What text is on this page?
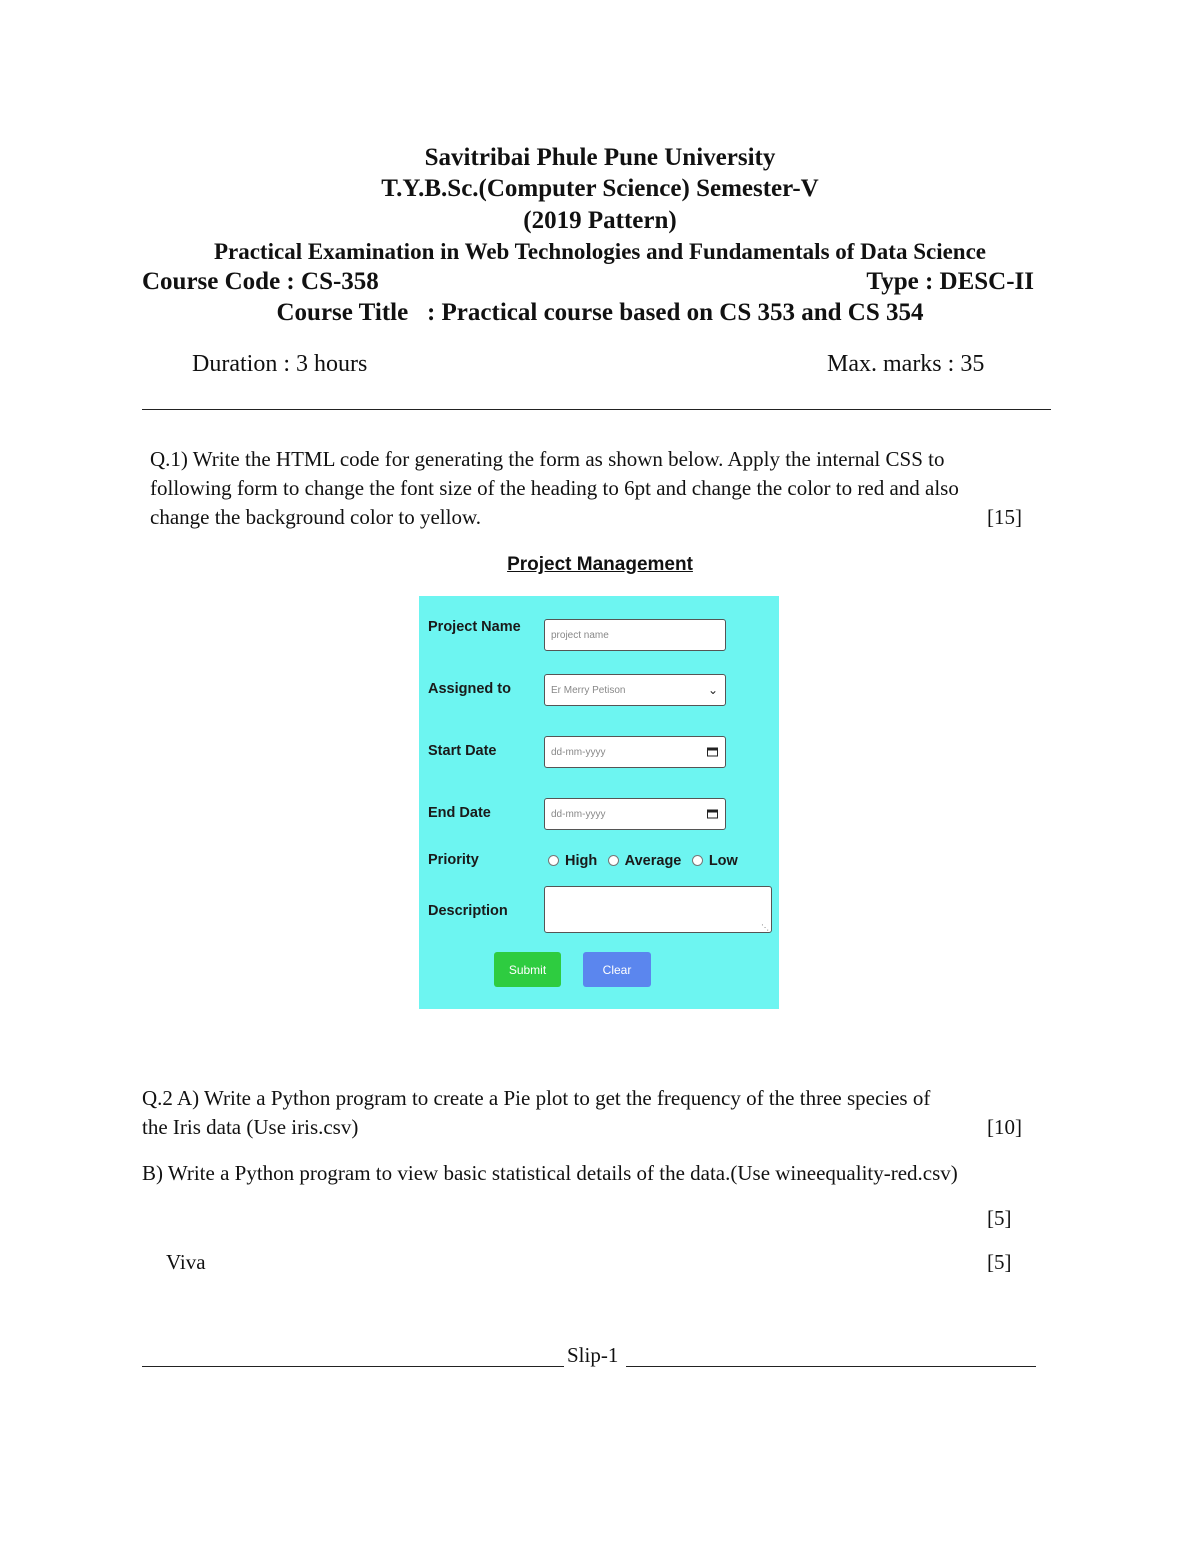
Savitribai Phule Pune University
T.Y.B.Sc.(Computer Science) Semester-V
(2019 Pattern)
Practical Examination in Web Technologies and Fundamentals of Data Science
Course Code : CS-358	Type : DESC-II
Course Title   : Practical course based on CS 353 and CS 354
Duration : 3 hours	Max. marks : 35
Q.1) Write the HTML code for generating the form as shown below. Apply the internal CSS to
following form to change the font size of the heading to 6pt and change the color to red and also
change the background color to yellow.	[15]
Project Management
Project Name	project name
Assigned to	Er Merry Petison	⌄
Start Date	dd-mm-yyyy
End Date	dd-mm-yyyy
Priority	High Average Low
Description
⋱
Submit	Clear
Q.2 A) Write a Python program to create a Pie plot to get the frequency of the three species of
the Iris data (Use iris.csv)	[10]
B) Write a Python program to view basic statistical details of the data.(Use wineequality-red.csv)
[5]
Viva	[5]
Slip-1
